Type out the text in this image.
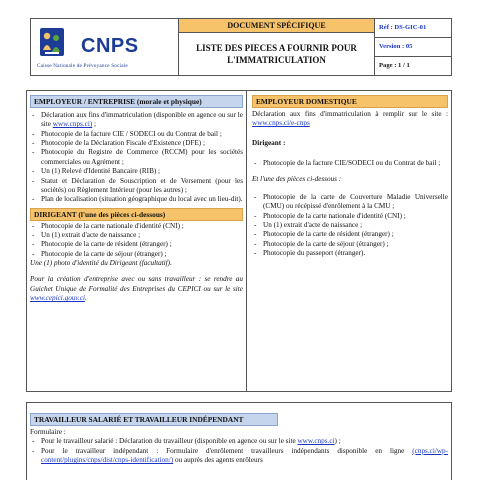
CNPS
Caisse Nationale de Prévoyance Sociale
DOCUMENT SPÉCIFIQUE
LISTE DES PIECES A FOURNIR POUR L'IMMATRICULATION
Réf : DS-GIC-01
Version : 05
Page : 1 / 1
EMPLOYEUR / ENTREPRISE (morale et physique)
- Déclaration aux fins d'immatriculation (disponible en agence ou sur le site www.cnps.ci) ;
- Photocopie de la facture CIE / SODECI ou du Contrat de bail ;
- Photocopie de la Déclaration Fiscale d'Existence (DFE) ;
- Photocopie du Registre de Commerce (RCCM) pour les sociétés commerciales ou Agrément ;
- Un (1) Relevé d'Identité Bancaire (RIB) ;
- Statut et Déclaration de Souscription et de Versement (pour les sociétés) ou Règlement Intérieur (pour les autres) ;
- Plan de localisation (situation géographique du local avec un lieu-dit).
DIRIGEANT (l'une des pièces ci-dessous)
- Photocopie de la carte nationale d'identité (CNI) ;
- Un (1) extrait d'acte de naissance ;
- Photocopie de la carte de résident (étranger) ;
- Photocopie de la carte de séjour (étranger) ;
Une (1) photo d'identité du Dirigeant (facultatif).
Pour la création d'entreprise avec ou sans travailleur : se rendre au Guichet Unique de Formalité des Entreprises du CEPICI ou sur le site www.cepici.gouv.ci.
EMPLOYEUR DOMESTIQUE
Déclaration aux fins d'immatriculation à remplir sur le site : www.cnps.ci/e-cnps
Dirigeant :
- Photocopie de la facture CIE/SODECI ou du Contrat de bail ;
Et l'une des pièces ci-dessous :
- Photocopie de la carte de Couverture Maladie Universelle (CMU) ou récépissé d'enrôlement à la CMU ;
- Photocopie de la carte nationale d'identité (CNI) ;
- Un (1) extrait d'acte de naissance ;
- Photocopie de la carte de résident (étranger) ;
- Photocopie de la carte de séjour (étranger) ;
- Photocopie du passeport (étranger).
TRAVAILLEUR SALARIÉ ET TRAVAILLEUR INDÉPENDANT
Formulaire :
- Pour le travailleur salarié : Déclaration du travailleur (disponible en agence ou sur le site www.cnps.ci) ;
- Pour le travailleur indépendant : Formulaire d'enrôlement travailleurs indépendants disponible en ligne (cnps.ci/wp-content/plugins/cnps/dist/cnps-identification/) ou auprès des agents enrôleurs
